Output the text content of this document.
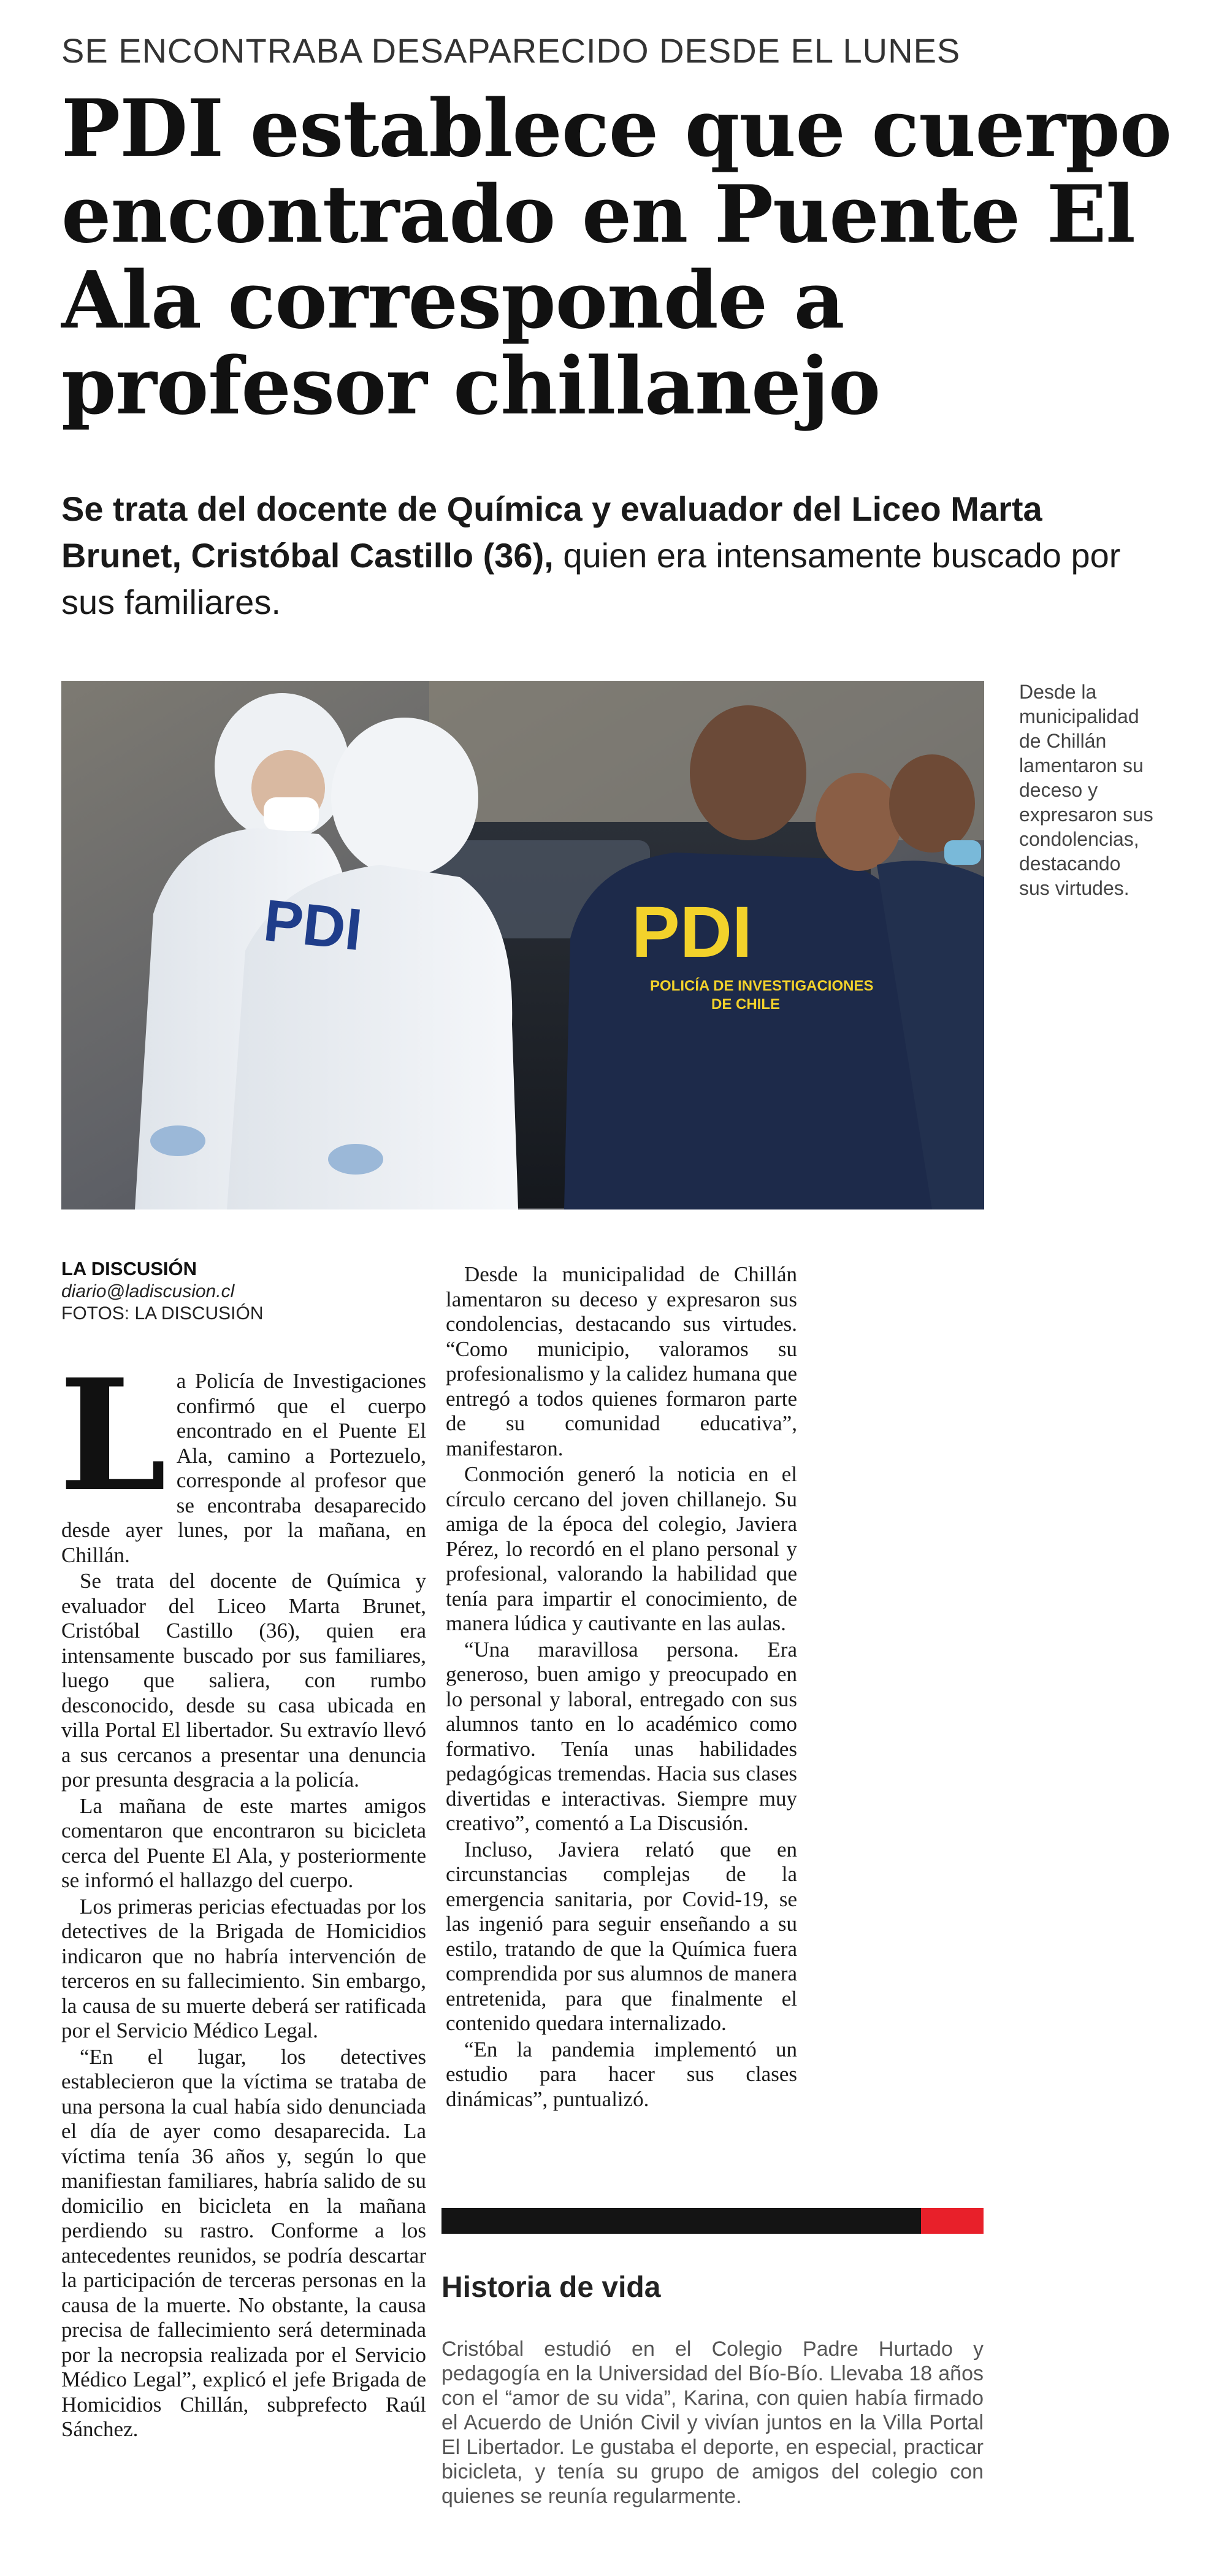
SE ENCONTRABA DESAPARECIDO DESDE EL LUNES
PDI establece que cuerpo encontrado en Puente El Ala corresponde a profesor chillanejo
Se trata del docente de Química y evaluador del Liceo Marta Brunet, Cristóbal Castillo (36), quien era intensamente buscado por sus familiares.
PDI	PDI
POLICÍA DE INVESTIGACIONES
DE CHILE
Desde la municipalidad de Chillán lamentaron su deceso y expresaron sus condolencias, destacando sus virtudes.
LA DISCUSIÓN
diario@ladiscusion.cl
FOTOS: LA DISCUSIÓN

La Policía de Investigaciones confirmó que el cuerpo encontrado en el Puente El Ala, camino a Portezuelo, corresponde al profesor que se encontraba desaparecido desde ayer lunes, por la mañana, en Chillán.

Se trata del docente de Química y evaluador del Liceo Marta Brunet, Cristóbal Castillo (36), quien era intensamente buscado por sus familiares, luego que saliera, con rumbo desconocido, desde su casa ubicada en villa Portal El libertador. Su extravío llevó a sus cercanos a presentar una denuncia por presunta desgracia a la policía.

La mañana de este martes amigos comentaron que encontraron su bicicleta cerca del Puente El Ala, y posteriormente se informó el hallazgo del cuerpo.

Los primeras pericias efectuadas por los detectives de la Brigada de Homicidios indicaron que no habría intervención de terceros en su fallecimiento. Sin embargo, la causa de su muerte deberá ser ratificada por el Servicio Médico Legal.

“En el lugar, los detectives establecieron que la víctima se trataba de una persona la cual había sido denunciada el día de ayer como desaparecida. La víctima tenía 36 años y, según lo que manifiestan familiares, habría salido de su domicilio en bicicleta en la mañana perdiendo su rastro. Conforme a los antecedentes reunidos, se podría descartar la participación de terceras personas en la causa de la muerte. No obstante, la causa precisa de fallecimiento será determinada por la necropsia realizada por el Servicio Médico Legal”, explicó el jefe Brigada de Homicidios Chillán, subprefecto Raúl Sánchez.

Desde la municipalidad de Chillán lamentaron su deceso y expresaron sus condolencias, destacando sus virtudes. “Como municipio, valoramos su profesionalismo y la calidez humana que entregó a todos quienes formaron parte de su comunidad educativa”, manifestaron.

Conmoción generó la noticia en el círculo cercano del joven chillanejo. Su amiga de la época del colegio, Javiera Pérez, lo recordó en el plano personal y profesional, valorando la habilidad que tenía para impartir el conocimiento, de manera lúdica y cautivante en las aulas.

“Una maravillosa persona. Era generoso, buen amigo y preocupado en lo personal y laboral, entregado con sus alumnos tanto en lo académico como formativo. Tenía unas habilidades pedagógicas tremendas. Hacia sus clases divertidas e interactivas. Siempre muy creativo”, comentó a La Discusión.

Incluso, Javiera relató que en circunstancias complejas de la emergencia sanitaria, por Covid-19, se las ingenió para seguir enseñando a su estilo, tratando de que la Química fuera comprendida por sus alumnos de manera entretenida, para que finalmente el contenido quedara internalizado.

“En la pandemia implementó un estudio para hacer sus clases dinámicas”, puntualizó.

Historia de vida
Cristóbal estudió en el Colegio Padre Hurtado y pedagogía en la Universidad del Bío-Bío. Llevaba 18 años con el “amor de su vida”, Karina, con quien había firmado el Acuerdo de Unión Civil y vivían juntos en la Villa Portal El Libertador. Le gustaba el deporte, en especial, practicar bicicleta, y tenía su grupo de amigos del colegio con quienes se reunía regularmente.
